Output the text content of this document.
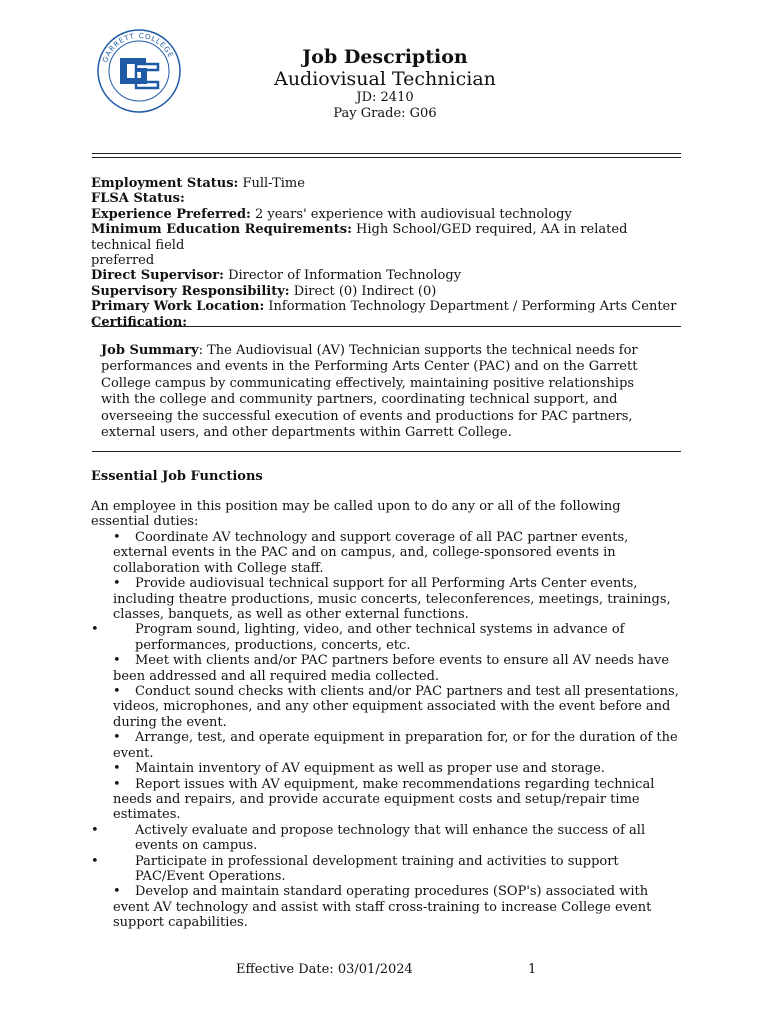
GARRETT COLLEGE	Job Description
Audiovisual Technician
JD: 2410
Pay Grade: G06

Employment Status: Full-Time

FLSA Status:

Experience Preferred: 2 years' experience with audiovisual technology

Minimum Education Requirements: High School/GED required, AA in related technical field

preferred

Direct Supervisor: Director of Information Technology

Supervisory Responsibility: Direct (0) Indirect (0)

Primary Work Location: Information Technology Department / Performing Arts Center

Certification:

Job Summary: The Audiovisual (AV) Technician supports the technical needs for performances and events in the Performing Arts Center (PAC) and on the Garrett College campus by communicating effectively, maintaining positive relationships with the college and community partners, coordinating technical support, and overseeing the successful execution of events and productions for PAC partners, external users, and other departments within Garrett College.
Essential Job Functions
An employee in this position may be called upon to do any or all of the following essential duties:

• Coordinate AV technology and support coverage of all PAC partner events, external events in the PAC and on campus, and, college-sponsored events in collaboration with College staff.

• Provide audiovisual technical support for all Performing Arts Center events, including theatre productions, music concerts, teleconferences, meetings, trainings, classes, banquets, as well as other external functions.

•	Program sound, lighting, video, and other technical systems in advance of performances, productions, concerts, etc.

• Meet with clients and/or PAC partners before events to ensure all AV needs have been addressed and all required media collected.

• Conduct sound checks with clients and/or PAC partners and test all presentations, videos, microphones, and any other equipment associated with the event before and during the event.

• Arrange, test, and operate equipment in preparation for, or for the duration of the event.

• Maintain inventory of AV equipment as well as proper use and storage.

• Report issues with AV equipment, make recommendations regarding technical needs and repairs, and provide accurate equipment costs and setup/repair time estimates.

•	Actively evaluate and propose technology that will enhance the success of all events on campus.

•	Participate in professional development training and activities to support PAC/Event Operations.

• Develop and maintain standard operating procedures (SOP's) associated with event AV technology and assist with staff cross-training to increase College event support capabilities.

Effective Date: 03/01/2024	1
